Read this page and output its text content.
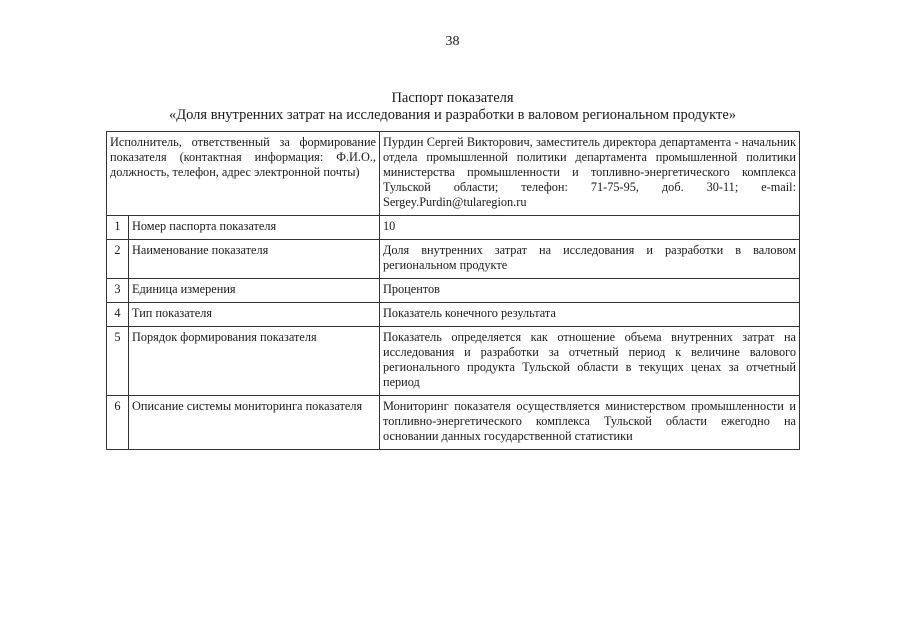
38
Паспорт показателя
«Доля внутренних затрат на исследования и разработки в валовом региональном продукте»
Исполнитель, ответственный за формирование показателя (контактная информация: Ф.И.О., должность, телефон, адрес электронной почты)		Пурдин Сергей Викторович, заместитель директора департамента - начальник отдела промышленной политики департамента промышленной политики министерства промышленности и топливно-энергетического комплекса Тульской области; телефон: 71-75-95, доб. 30-11; e-mail: Sergey.Purdin@tularegion.ru
1	Номер паспорта показателя	10
2	Наименование показателя	Доля внутренних затрат на исследования и разработки в валовом региональном продукте
3	Единица измерения	Процентов
4	Тип показателя	Показатель конечного результата
5	Порядок формирования показателя	Показатель определяется как отношение объема внутренних затрат на исследования и разработки за отчетный период к величине валового регионального продукта Тульской области в текущих ценах за отчетный период
6	Описание системы мониторинга показателя	Мониторинг показателя осуществляется министерством промышленности и топливно-энергетического комплекса Тульской области ежегодно на основании данных государственной статистики
